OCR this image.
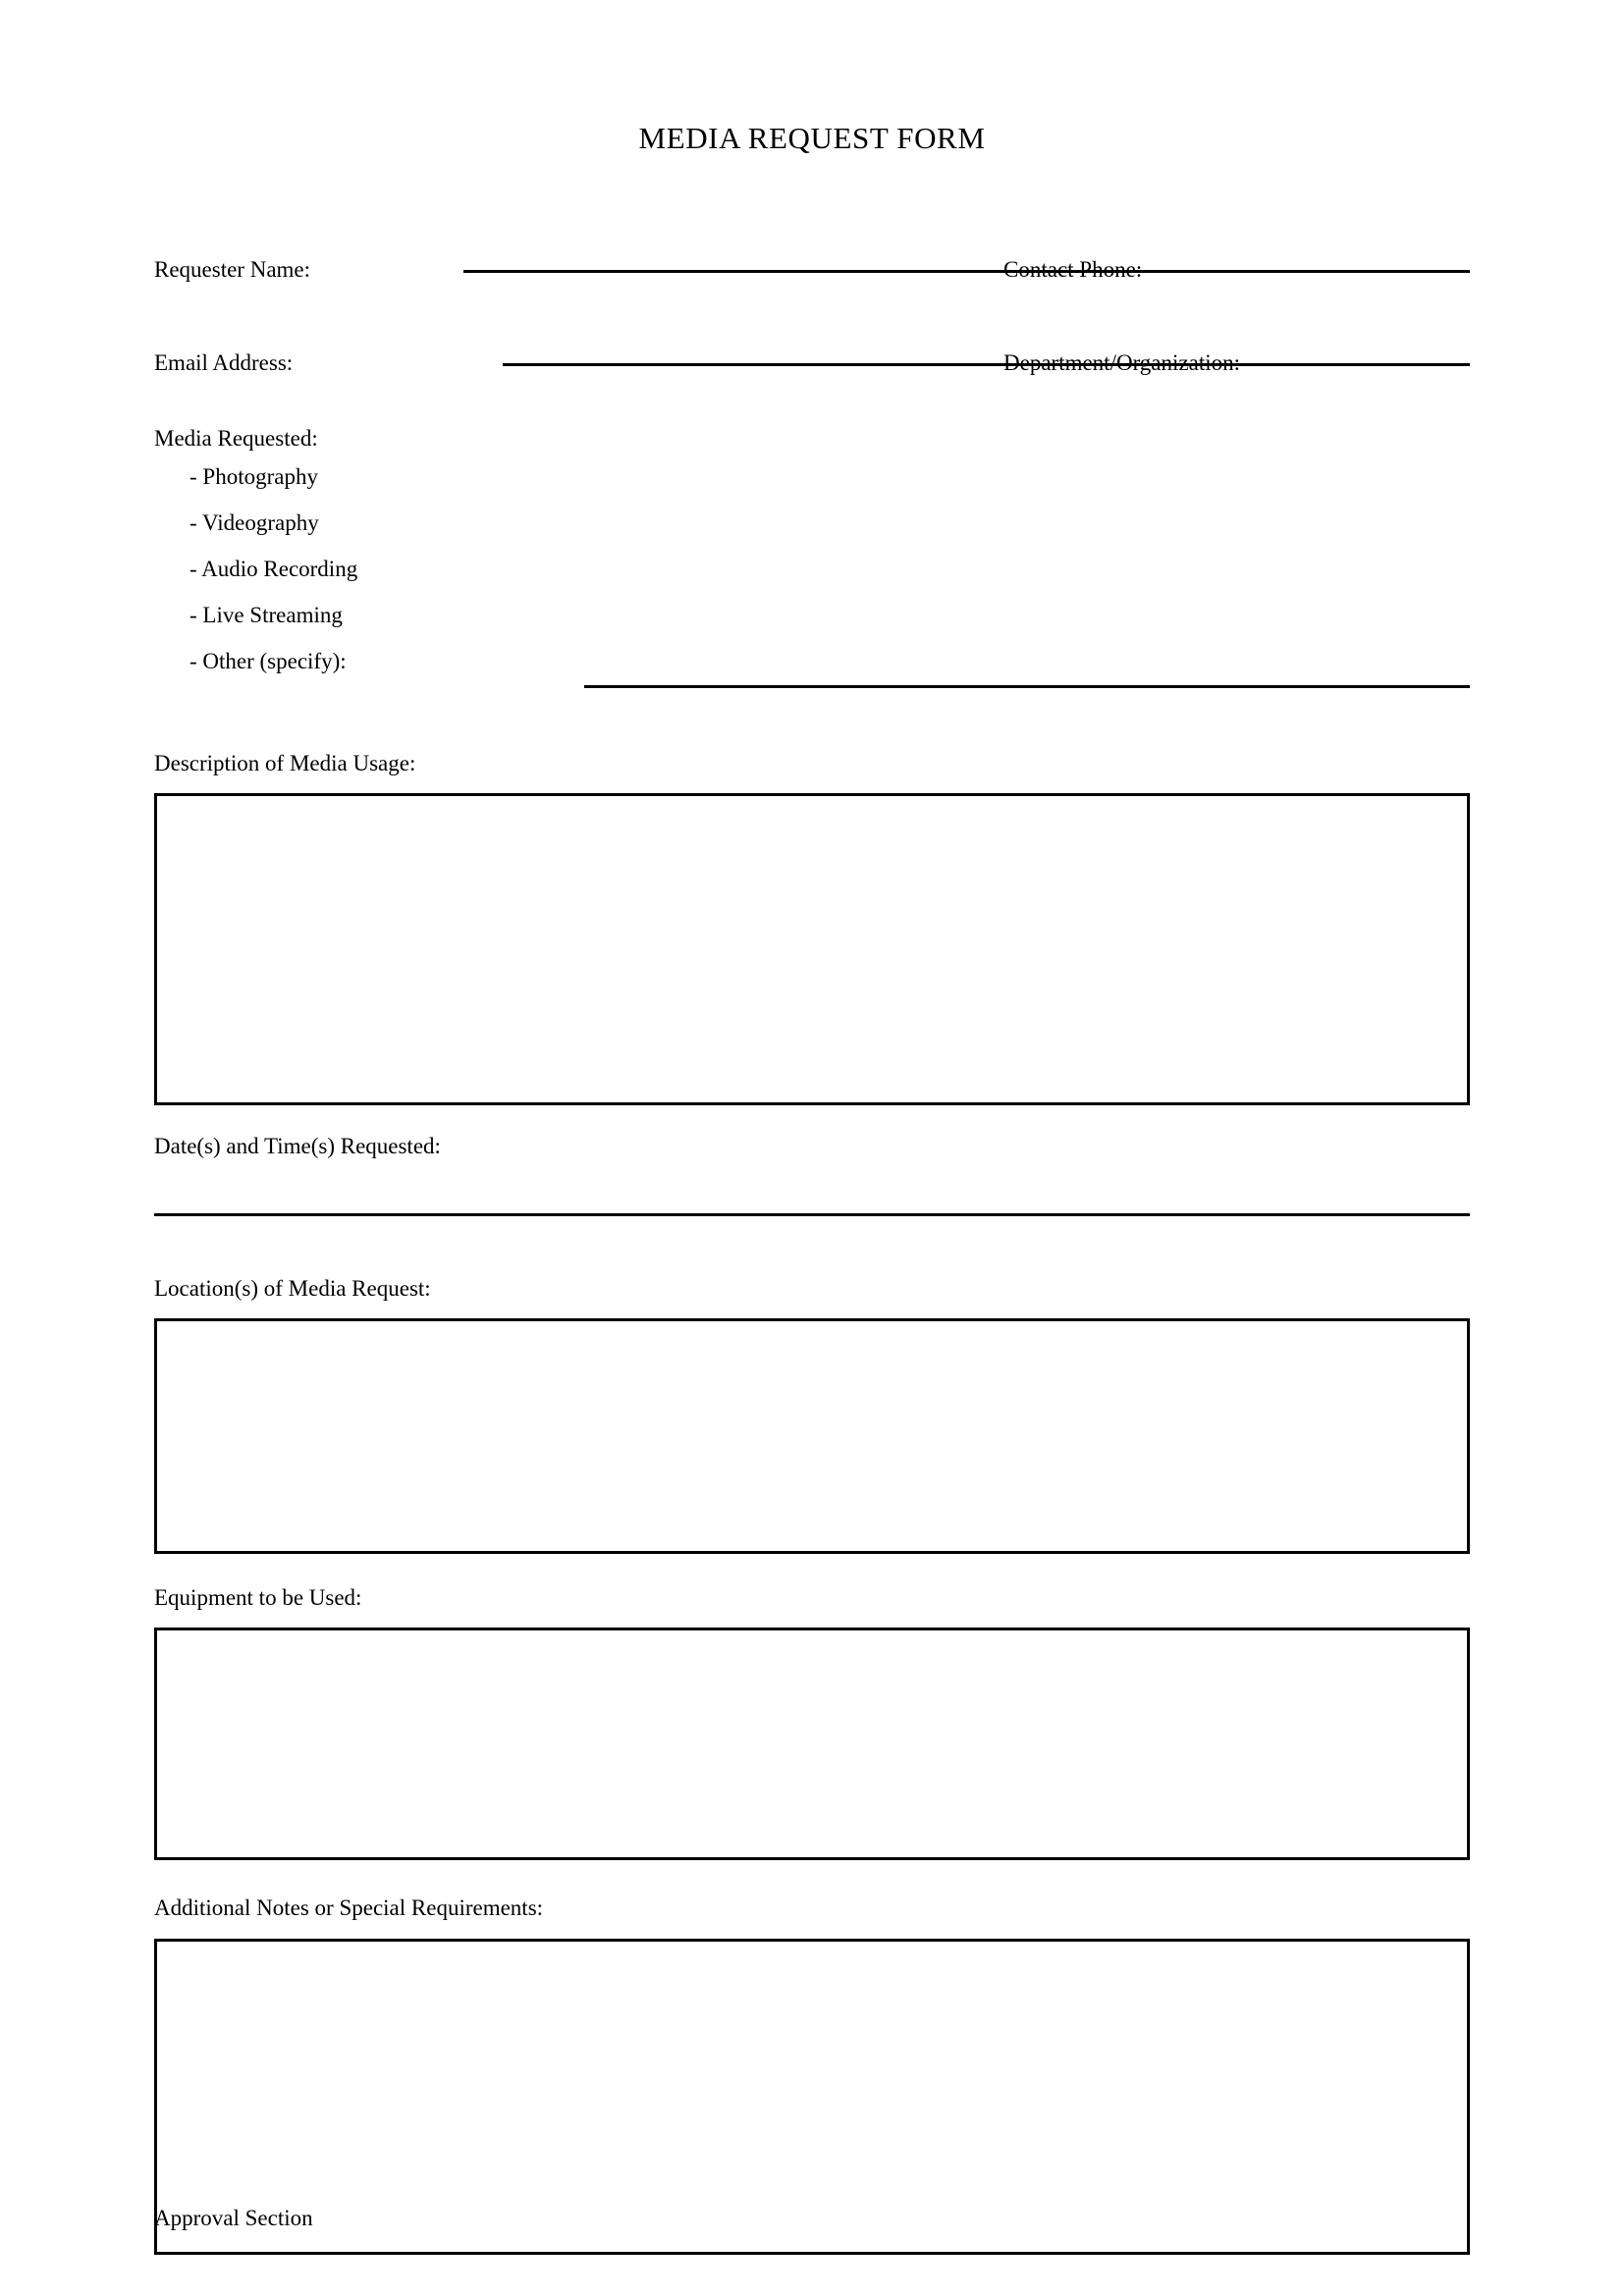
MEDIA REQUEST FORM
Requester Name:	Contact Phone:
Email Address:	Department/Organization:
Media Requested:
- Photography
- Videography
- Audio Recording
- Live Streaming
- Other (specify):
Description of Media Usage:
Date(s) and Time(s) Requested:
Location(s) of Media Request:
Equipment to be Used:
Additional Notes or Special Requirements:
Approval Section
